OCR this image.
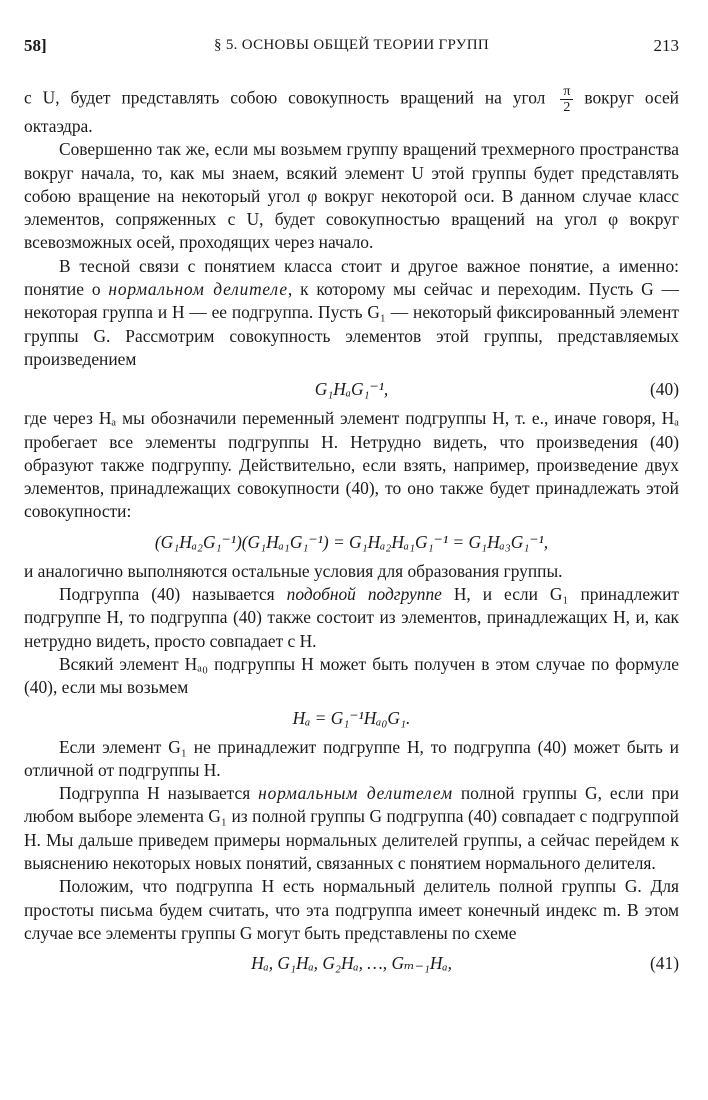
58]	§ 5. ОСНОВЫ ОБЩЕЙ ТЕОРИИ ГРУПП	213

с U, будет представлять собою совокупность вращений на угол $\frac{\pi}{2}$ вокруг осей октаэдра.

Совершенно так же, если мы возьмем группу вращений трехмерного пространства вокруг начала, то, как мы знаем, всякий элемент U этой группы будет представлять собою вращение на некоторый угол φ вокруг некоторой оси. В данном случае класс элементов, сопряженных с U, будет совокупностью вращений на угол φ вокруг всевозможных осей, проходящих через начало.

В тесной связи с понятием класса стоит и другое важное понятие, а именно: понятие о нормальном делителе, к которому мы сейчас и переходим. Пусть G — некоторая группа и H — ее подгруппа. Пусть G₁ — некоторый фиксированный элемент группы G. Рассмотрим совокупность элементов этой группы, представляемых произведением

G₁HₐG₁⁻¹,	(40)

где через Hₐ мы обозначили переменный элемент подгруппы H, т. е., иначе говоря, Hₐ пробегает все элементы подгруппы H. Нетрудно видеть, что произведения (40) образуют также подгруппу. Действительно, если взять, например, произведение двух элементов, принадлежащих совокупности (40), то оно также будет принадлежать этой совокупности:

(G₁Hₐ₂G₁⁻¹)(G₁Hₐ₁G₁⁻¹) = G₁Hₐ₂Hₐ₁G₁⁻¹ = G₁Hₐ₃G₁⁻¹,

и аналогично выполняются остальные условия для образования группы.

Подгруппа (40) называется подобной подгруппе H, и если G₁ принадлежит подгруппе H, то подгруппа (40) также состоит из элементов, принадлежащих H, и, как нетрудно видеть, просто совпадает с H.

Всякий элемент Hₐ₀ подгруппы H может быть получен в этом случае по формуле (40), если мы возьмем

Hₐ = G₁⁻¹Hₐ₀G₁.

Если элемент G₁ не принадлежит подгруппе H, то подгруппа (40) может быть и отличной от подгруппы H.

Подгруппа H называется нормальным делителем полной группы G, если при любом выборе элемента G₁ из полной группы G подгруппа (40) совпадает с подгруппой H. Мы дальше приведем примеры нормальных делителей группы, а сейчас перейдем к выяснению некоторых новых понятий, связанных с понятием нормального делителя.

Положим, что подгруппа H есть нормальный делитель полной группы G. Для простоты письма будем считать, что эта подгруппа имеет конечный индекс m. В этом случае все элементы группы G могут быть представлены по схеме

Hₐ, G₁Hₐ, G₂Hₐ, …, Gₘ₋₁Hₐ,	(41)
